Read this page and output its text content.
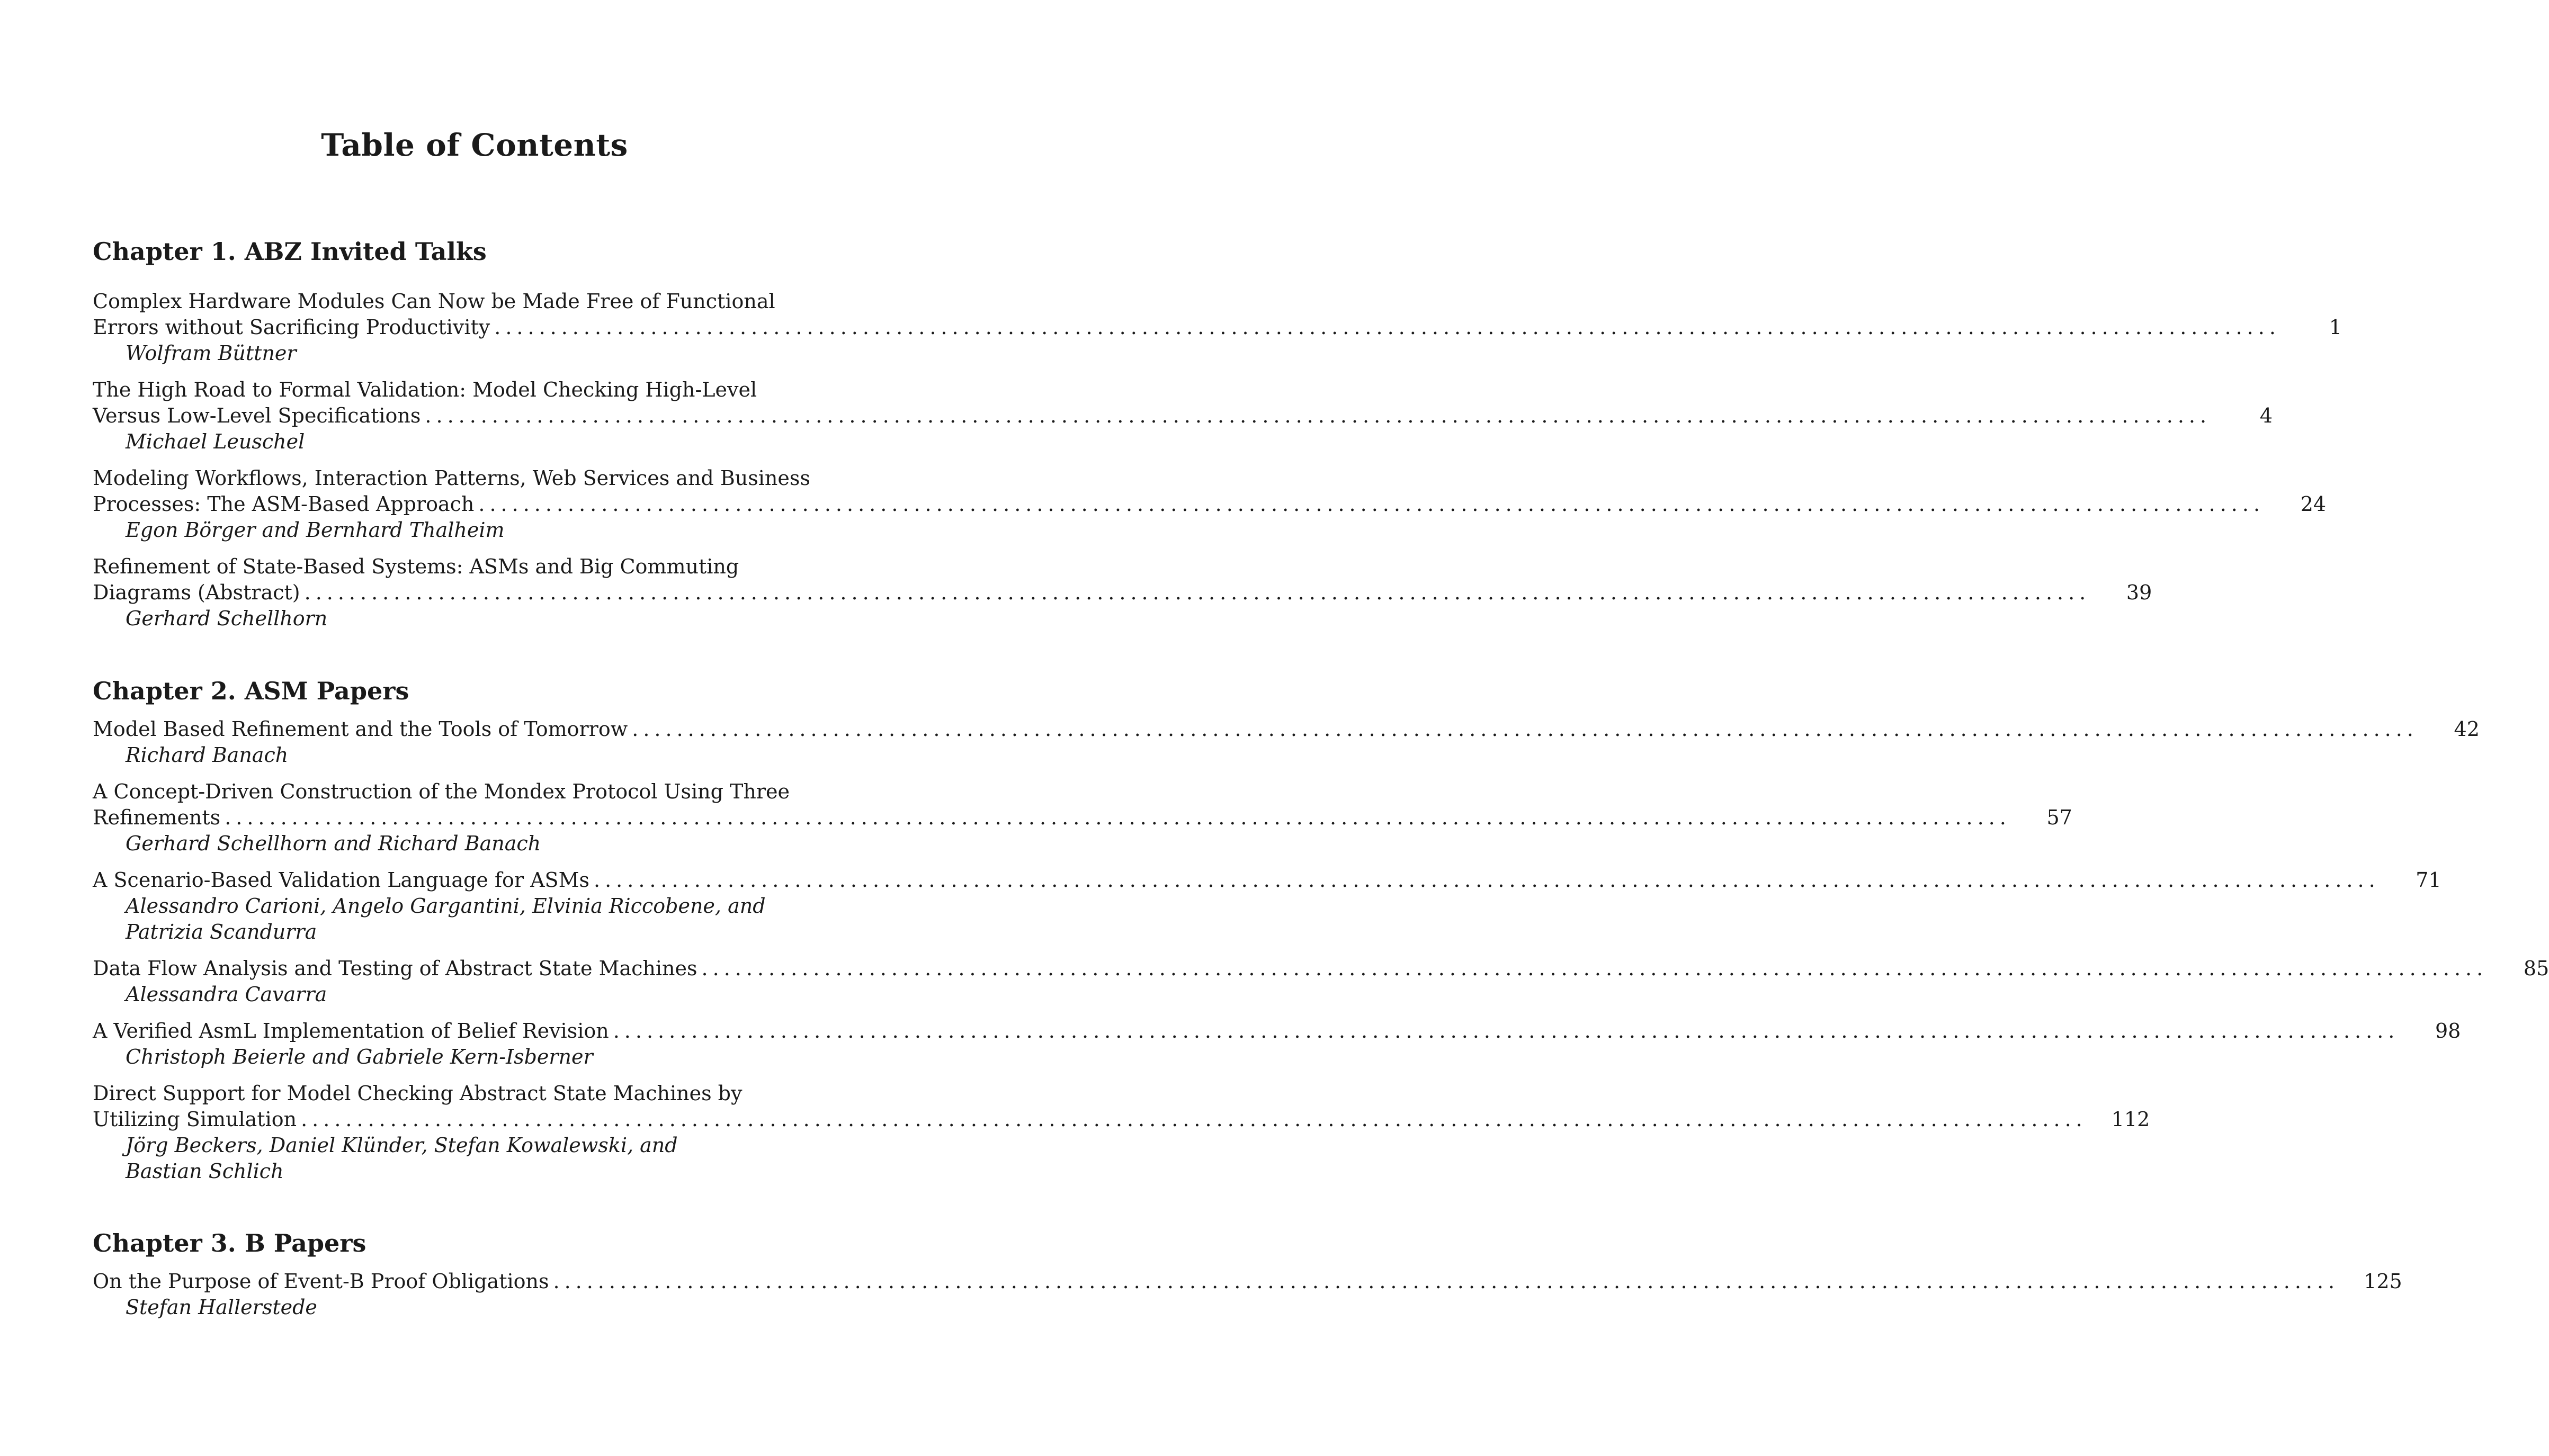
Table of Contents
Chapter 1. ABZ Invited Talks
Complex Hardware Modules Can Now be Made Free of Functional
Errors without Sacrificing Productivity ................................................................................................................................................................	1
Wolfram Büttner
The High Road to Formal Validation: Model Checking High-Level
Versus Low-Level Specifications ................................................................................................................................................................	4
Michael Leuschel
Modeling Workflows, Interaction Patterns, Web Services and Business
Processes: The ASM-Based Approach ................................................................................................................................................................	24
Egon Börger and Bernhard Thalheim
Refinement of State-Based Systems: ASMs and Big Commuting
Diagrams (Abstract) ................................................................................................................................................................	39
Gerhard Schellhorn
Chapter 2. ASM Papers
Model Based Refinement and the Tools of Tomorrow ................................................................................................................................................................	42
Richard Banach
A Concept-Driven Construction of the Mondex Protocol Using Three
Refinements ................................................................................................................................................................	57
Gerhard Schellhorn and Richard Banach
A Scenario-Based Validation Language for ASMs ................................................................................................................................................................	71
Alessandro Carioni, Angelo Gargantini, Elvinia Riccobene, and
Patrizia Scandurra
Data Flow Analysis and Testing of Abstract State Machines ................................................................................................................................................................	85
Alessandra Cavarra
A Verified AsmL Implementation of Belief Revision ................................................................................................................................................................	98
Christoph Beierle and Gabriele Kern-Isberner
Direct Support for Model Checking Abstract State Machines by
Utilizing Simulation ................................................................................................................................................................	112
Jörg Beckers, Daniel Klünder, Stefan Kowalewski, and
Bastian Schlich
Chapter 3. B Papers
On the Purpose of Event-B Proof Obligations ................................................................................................................................................................	125
Stefan Hallerstede
